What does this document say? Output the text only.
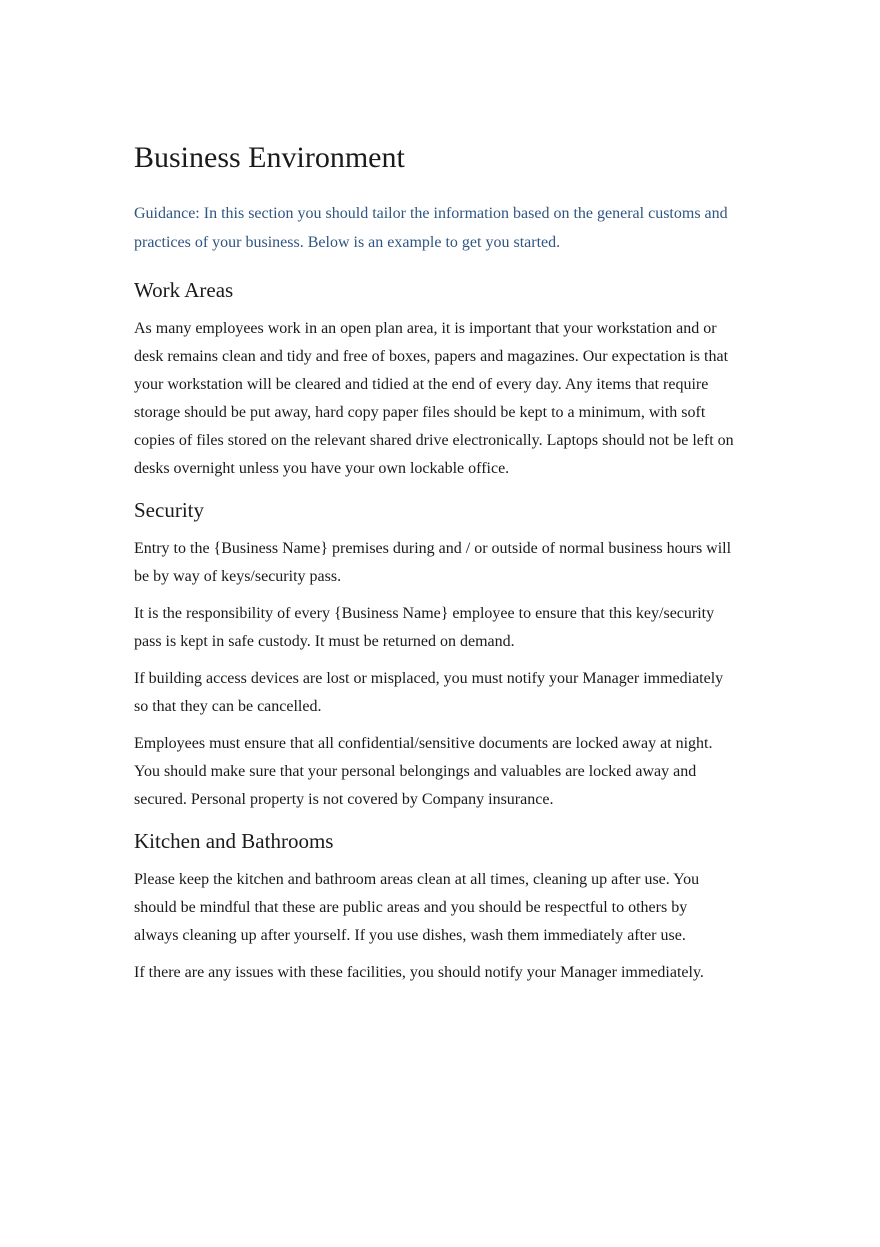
Business Environment

Guidance: In this section you should tailor the information based on the general customs and practices of your business. Below is an example to get you started.

Work Areas

As many employees work in an open plan area, it is important that your workstation and or desk remains clean and tidy and free of boxes, papers and magazines. Our expectation is that your workstation will be cleared and tidied at the end of every day. Any items that require storage should be put away, hard copy paper files should be kept to a minimum, with soft copies of files stored on the relevant shared drive electronically. Laptops should not be left on desks overnight unless you have your own lockable office.

Security

Entry to the {Business Name} premises during and / or outside of normal business hours will be by way of keys/security pass.

It is the responsibility of every {Business Name} employee to ensure that this key/security pass is kept in safe custody. It must be returned on demand.

If building access devices are lost or misplaced, you must notify your Manager immediately so that they can be cancelled.

Employees must ensure that all confidential/sensitive documents are locked away at night. You should make sure that your personal belongings and valuables are locked away and secured. Personal property is not covered by Company insurance.

Kitchen and Bathrooms

Please keep the kitchen and bathroom areas clean at all times, cleaning up after use. You should be mindful that these are public areas and you should be respectful to others by always cleaning up after yourself. If you use dishes, wash them immediately after use.

If there are any issues with these facilities, you should notify your Manager immediately.
